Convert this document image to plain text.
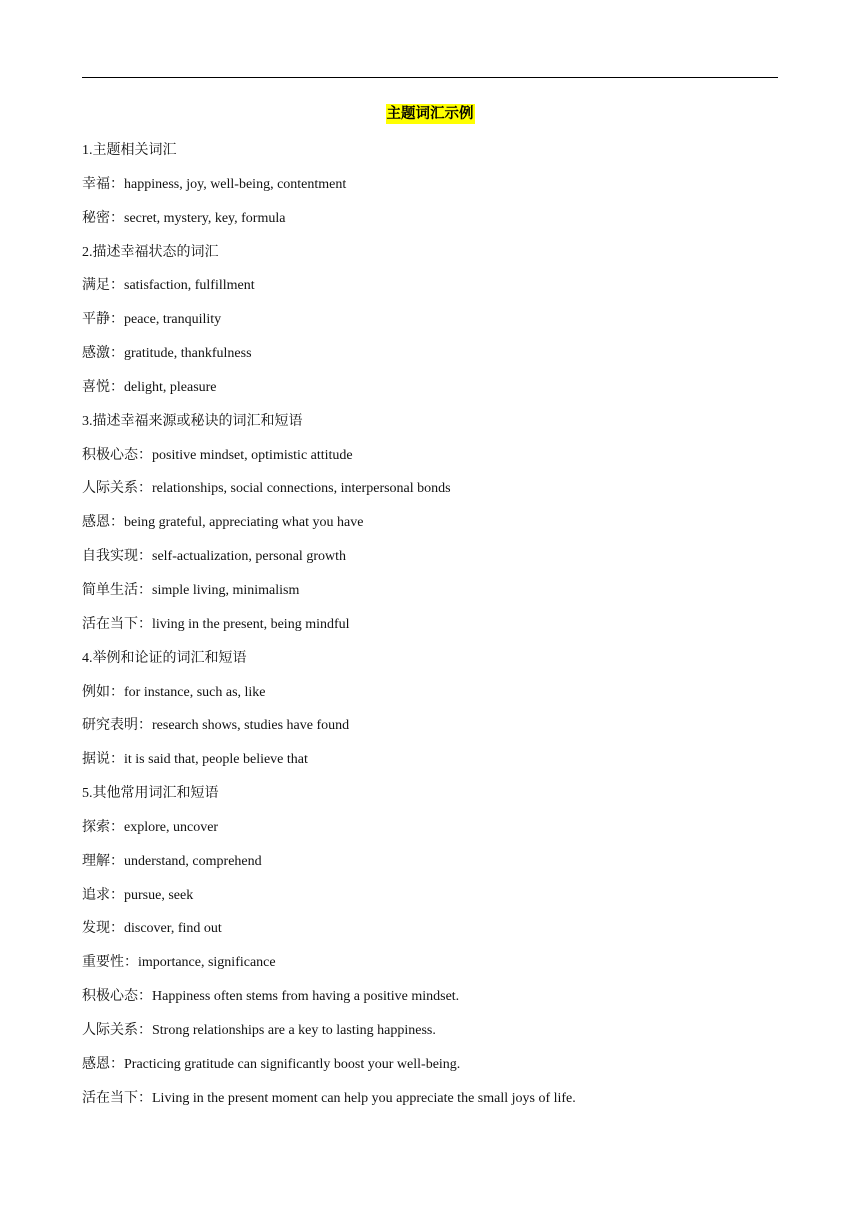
主题词汇示例
1.主题相关词汇
幸福：happiness, joy, well-being, contentment
秘密：secret, mystery, key, formula
2.描述幸福状态的词汇
满足：satisfaction, fulfillment
平静：peace, tranquility
感激：gratitude, thankfulness
喜悦：delight, pleasure
3.描述幸福来源或秘诀的词汇和短语
积极心态：positive mindset, optimistic attitude
人际关系：relationships, social connections, interpersonal bonds
感恩：being grateful, appreciating what you have
自我实现：self-actualization, personal growth
简单生活：simple living, minimalism
活在当下：living in the present, being mindful
4.举例和论证的词汇和短语
例如：for instance, such as, like
研究表明：research shows, studies have found
据说：it is said that, people believe that
5.其他常用词汇和短语
探索：explore, uncover
理解：understand, comprehend
追求：pursue, seek
发现：discover, find out
重要性：importance, significance
积极心态：Happiness often stems from having a positive mindset.
人际关系：Strong relationships are a key to lasting happiness.
感恩：Practicing gratitude can significantly boost your well-being.
活在当下：Living in the present moment can help you appreciate the small joys of life.
